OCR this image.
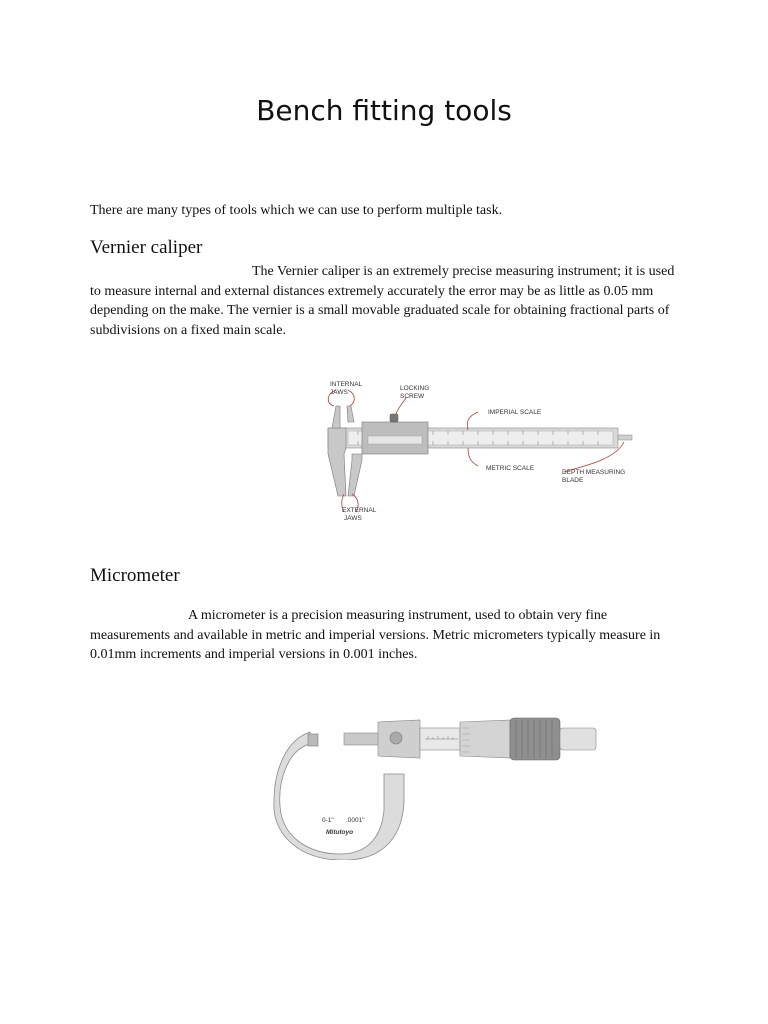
Bench fitting tools

There are many types of tools which we can use to perform multiple task.

Vernier caliper

The Vernier caliper is an extremely precise measuring instrument; it is used to measure internal and external distances extremely accurately the error may be as little as 0.05 mm depending on the make. The vernier is a small movable graduated scale for obtaining fractional parts of subdivisions on a fixed main scale.

INTERNAL
JAWS
LOCKING
SCREW
IMPERIAL SCALE
METRIC SCALE
DEPTH MEASURING
BLADE
EXTERNAL
JAWS
Micrometer

A micrometer is a precision measuring instrument, used to obtain very fine measurements and available in metric and imperial versions. Metric micrometers typically measure in 0.01mm increments and imperial versions in 0.001 inches.

0-1" .0001"
Mitutoyo
